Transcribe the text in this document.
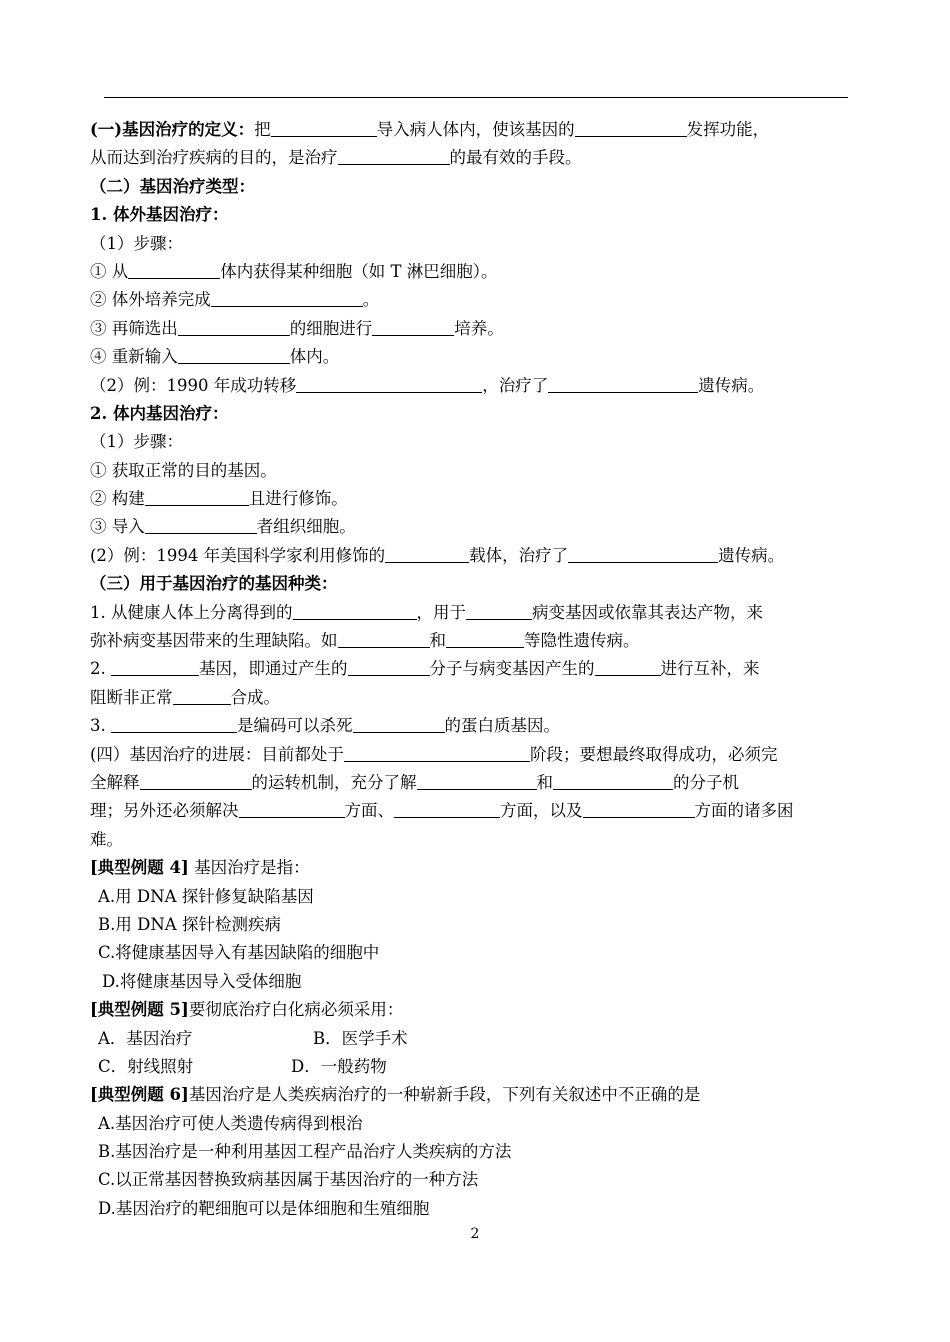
(一)基因治疗的定义：把	导入病人体内，使该基因的	发挥功能，
从而达到治疗疾病的目的，是治疗	的最有效的手段。
（二）基因治疗类型：
1. 体外基因治疗：
（1）步骤：
① 从	体内获得某种细胞（如 T 淋巴细胞）。
② 体外培养完成	。
③ 再筛选出	的细胞进行	培养。
④ 重新输入	体内。
（2）例：1990 年成功转移	，治疗了	遗传病。
2. 体内基因治疗：
（1）步骤：
① 获取正常的目的基因。
② 构建	且进行修饰。
③ 导入	者组织细胞。
(2）例：1994 年美国科学家利用修饰的	载体，治疗了	遗传病。
（三）用于基因治疗的基因种类：
1. 从健康人体上分离得到的	，用于	病变基因或依靠其表达产物，来
弥补病变基因带来的生理缺陷。如	和	等隐性遗传病。
2.	基因，即通过产生的	分子与病变基因产生的	进行互补，来
阻断非正常	合成。
3.	是编码可以杀死	的蛋白质基因。
(四）基因治疗的进展：目前都处于	阶段；要想最终取得成功，必须完
全解释	的运转机制，充分了解	和	的分子机
理；另外还必须解决	方面、	方面，以及	方面的诸多困
难。
[典型例题 4] 基因治疗是指：
A.用 DNA 探针修复缺陷基因
B.用 DNA 探针检测疾病
C.将健康基因导入有基因缺陷的细胞中
D.将健康基因导入受体细胞
[典型例题 5]要彻底治疗白化病必须采用：
A．基因治疗	B．医学手术
C．射线照射	D．一般药物
[典型例题 6]基因治疗是人类疾病治疗的一种崭新手段，下列有关叙述中不正确的是
A.基因治疗可使人类遗传病得到根治
B.基因治疗是一种利用基因工程产品治疗人类疾病的方法
C.以正常基因替换致病基因属于基因治疗的一种方法
D.基因治疗的靶细胞可以是体细胞和生殖细胞
2
